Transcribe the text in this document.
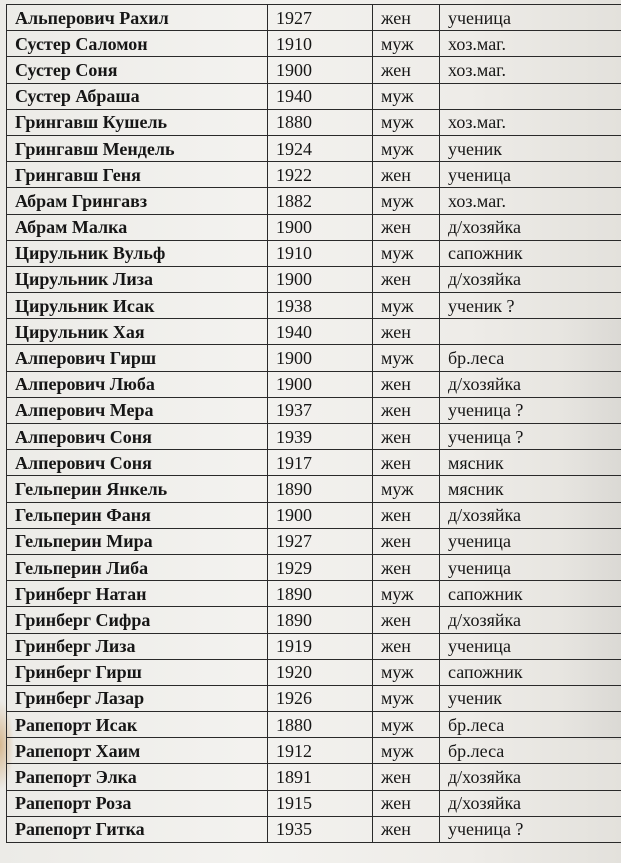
Альперович Рахил	1927	жен	ученица
Сустер Саломон	1910	муж	хоз.маг.
Сустер Соня	1900	жен	хоз.маг.
Сустер Абраша	1940	муж	
Грингавш Кушель	1880	муж	хоз.маг.
Грингавш Мендель	1924	муж	ученик
Грингавш Геня	1922	жен	ученица
Абрам Грингавз	1882	муж	хоз.маг.
Абрам Малка	1900	жен	д/хозяйка
Цирульник Вульф	1910	муж	сапожник
Цирульник Лиза	1900	жен	д/хозяйка
Цирульник Исак	1938	муж	ученик ?
Цирульник Хая	1940	жен	
Алперович Гирш	1900	муж	бр.леса
Алперович Люба	1900	жен	д/хозяйка
Алперович Мера	1937	жен	ученица ?
Алперович Соня	1939	жен	ученица ?
Алперович Соня	1917	жен	мясник
Гельперин Янкель	1890	муж	мясник
Гельперин Фаня	1900	жен	д/хозяйка
Гельперин Мира	1927	жен	ученица
Гельперин Либа	1929	жен	ученица
Гринберг Натан	1890	муж	сапожник
Гринберг Сифра	1890	жен	д/хозяйка
Гринберг Лиза	1919	жен	ученица
Гринберг Гирш	1920	муж	сапожник
Гринберг Лазар	1926	муж	ученик
Рапепорт Исак	1880	муж	бр.леса
Рапепорт Хаим	1912	муж	бр.леса
Рапепорт Элка	1891	жен	д/хозяйка
Рапепорт Роза	1915	жен	д/хозяйка
Рапепорт Гитка	1935	жен	ученица ?
